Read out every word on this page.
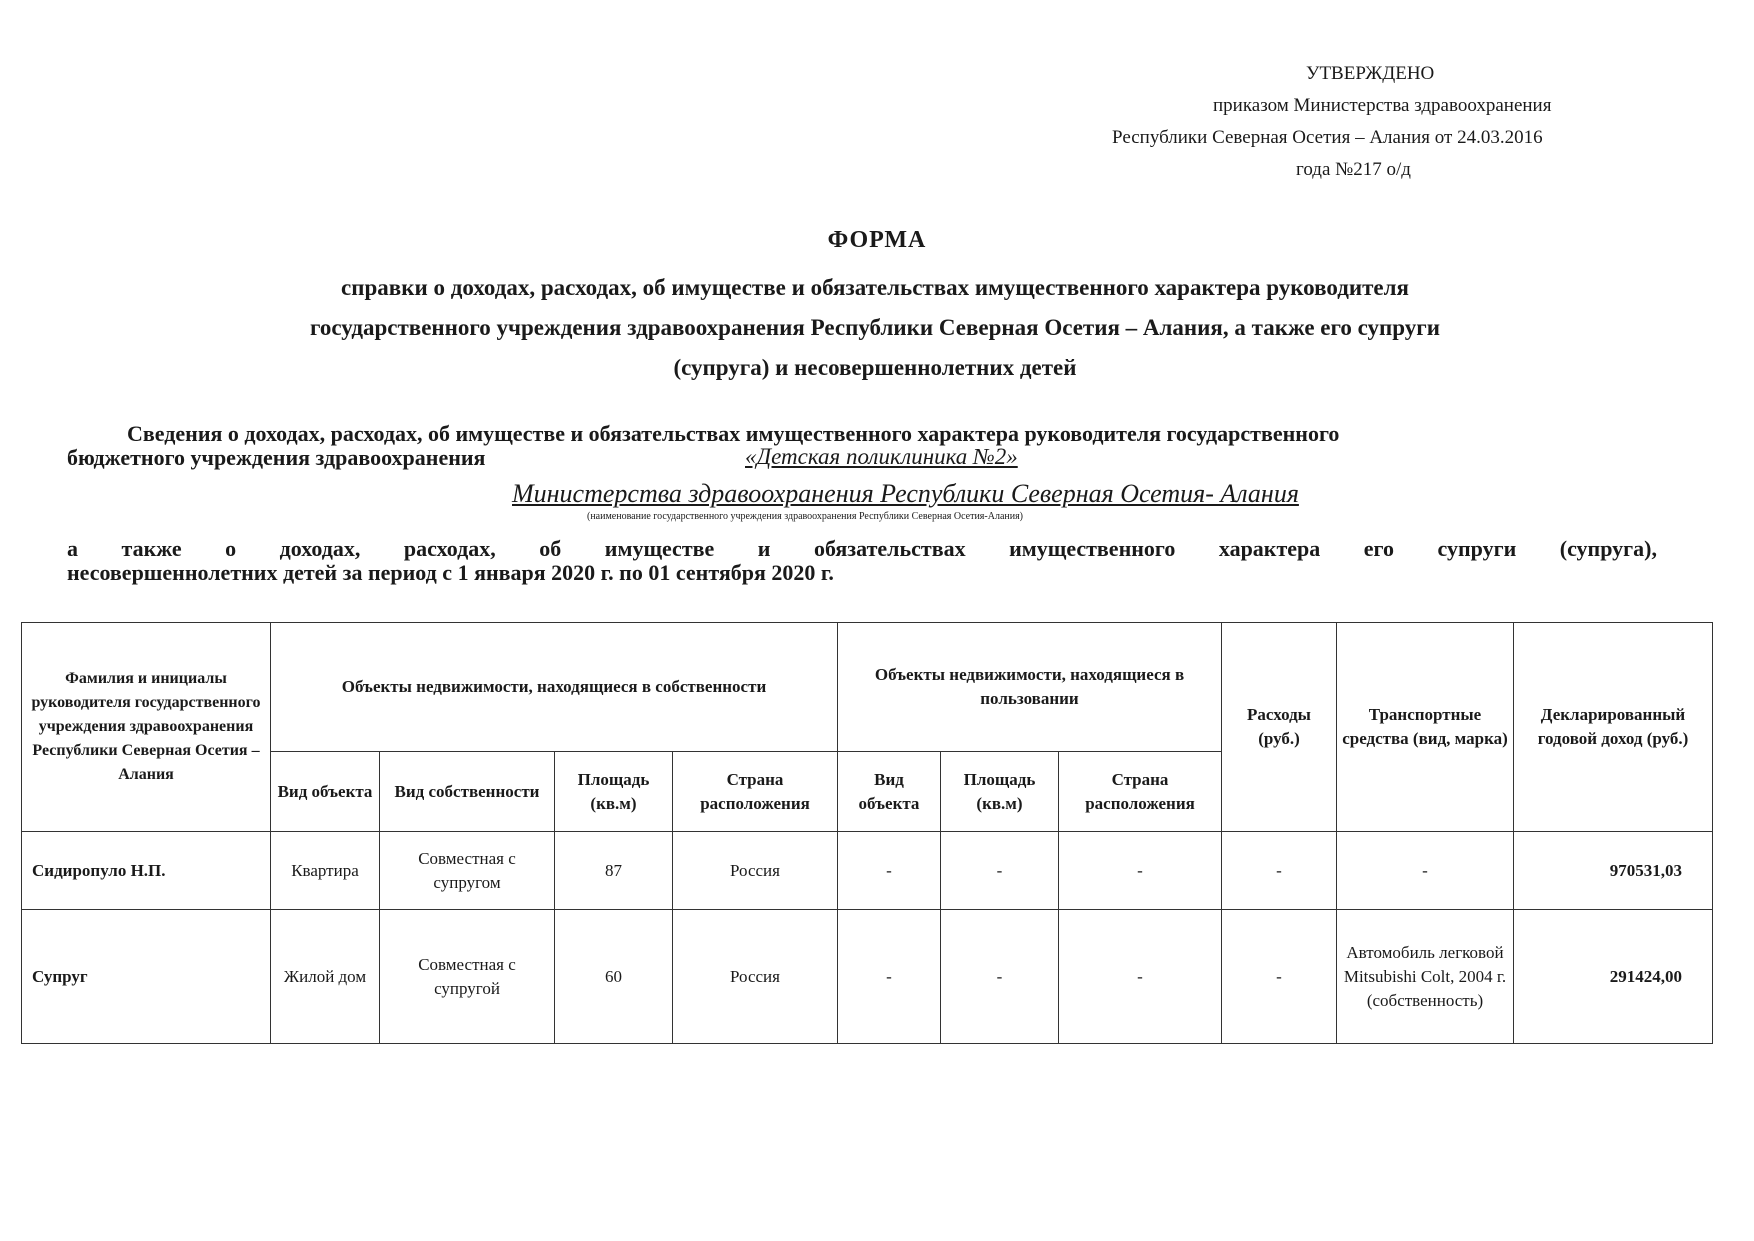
УТВЕРЖДЕНО
приказом Министерства здравоохранения
Республики Северная Осетия – Алания от 24.03.2016
года №217 о/д
ФОРМА
справки о доходах, расходах, об имуществе и обязательствах имущественного характера руководителя
государственного учреждения здравоохранения Республики Северная Осетия – Алания, а также его супруги
(супруга) и несовершеннолетних детей
Сведения о доходах, расходах, об имуществе и обязательствах имущественного характера руководителя государственного
бюджетного учреждения здравоохранения	«Детская поликлиника №2»
Министерства здравоохранения Республики Северная Осетия- Алания
(наименование государственного учреждения здравоохранения Республики Северная Осетия-Алания)
а также о доходах, расходах, об имуществе и обязательствах имущественного характера его супруги (супруга),
несовершеннолетних детей за период с 1 января 2020 г. по 01 сентября 2020 г.
Фамилия и инициалы руководителя государственного учреждения здравоохранения Республики Северная Осетия – Алания	Объекты недвижимости, находящиеся в собственности				Объекты недвижимости, находящиеся в пользовании			Расходы (руб.)	Транспортные средства (вид, марка)	Декларированный годовой доход (руб.)
	Вид объекта	Вид собственности	Площадь (кв.м)	Страна расположения	Вид объекта	Площадь (кв.м)	Страна расположения			
Сидиропуло Н.П.	Квартира	Совместная с супругом	87	Россия	-	-	-	-	-	970531,03
Супруг	Жилой дом	Совместная с супругой	60	Россия	-	-	-	-	Автомобиль легковой Mitsubishi Colt, 2004 г. (собственность)	291424,00
